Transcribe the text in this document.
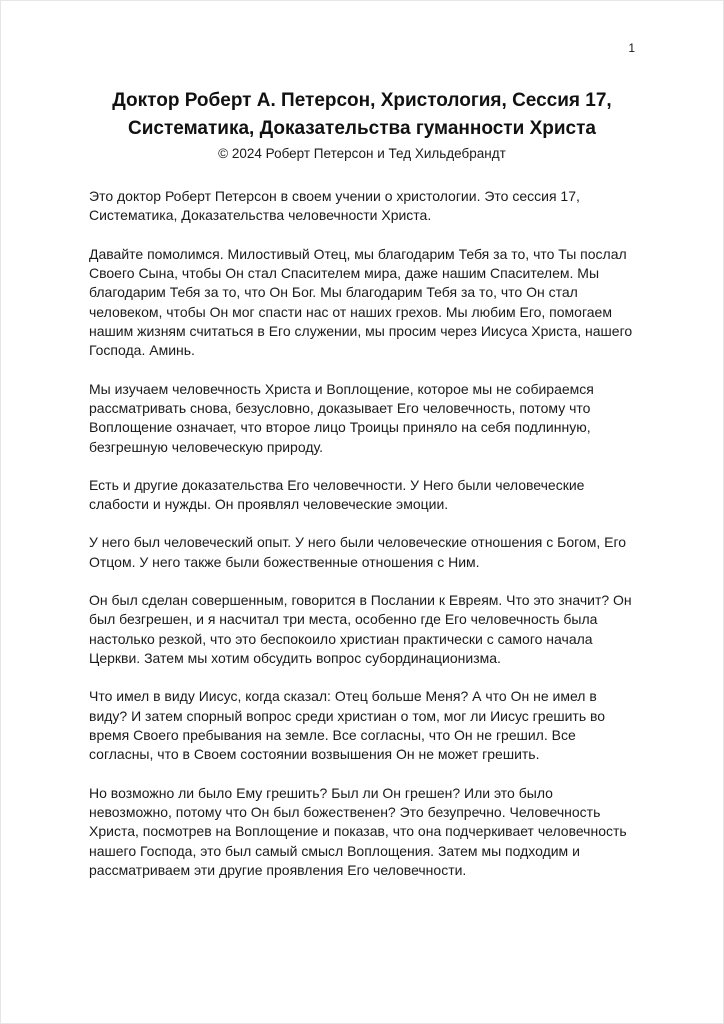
1
Доктор Роберт А. Петерсон, Христология, Сессия 17,
Систематика, Доказательства гуманности Христа
© 2024 Роберт Петерсон и Тед Хильдебрандт

Это доктор Роберт Петерсон в своем учении о христологии. Это сессия 17, Систематика, Доказательства человечности Христа.

Давайте помолимся. Милостивый Отец, мы благодарим Тебя за то, что Ты послал Своего Сына, чтобы Он стал Спасителем мира, даже нашим Спасителем. Мы благодарим Тебя за то, что Он Бог. Мы благодарим Тебя за то, что Он стал человеком, чтобы Он мог спасти нас от наших грехов. Мы любим Его, помогаем нашим жизням считаться в Его служении, мы просим через Иисуса Христа, нашего Господа. Аминь.

Мы изучаем человечность Христа и Воплощение, которое мы не собираемся рассматривать снова, безусловно, доказывает Его человечность, потому что Воплощение означает, что второе лицо Троицы приняло на себя подлинную, безгрешную человеческую природу.

Есть и другие доказательства Его человечности. У Него были человеческие слабости и нужды. Он проявлял человеческие эмоции.

У него был человеческий опыт. У него были человеческие отношения с Богом, Его Отцом. У него также были божественные отношения с Ним.

Он был сделан совершенным, говорится в Послании к Евреям. Что это значит? Он был безгрешен, и я насчитал три места, особенно где Его человечность была настолько резкой, что это беспокоило христиан практически с самого начала Церкви. Затем мы хотим обсудить вопрос субординационизма.

Что имел в виду Иисус, когда сказал: Отец больше Меня? А что Он не имел в виду? И затем спорный вопрос среди христиан о том, мог ли Иисус грешить во время Своего пребывания на земле. Все согласны, что Он не грешил. Все согласны, что в Своем состоянии возвышения Он не может грешить.

Но возможно ли было Ему грешить? Был ли Он грешен? Или это было невозможно, потому что Он был божественен? Это безупречно. Человечность Христа, посмотрев на Воплощение и показав, что она подчеркивает человечность нашего Господа, это был самый смысл Воплощения. Затем мы подходим и рассматриваем эти другие проявления Его человечности.
